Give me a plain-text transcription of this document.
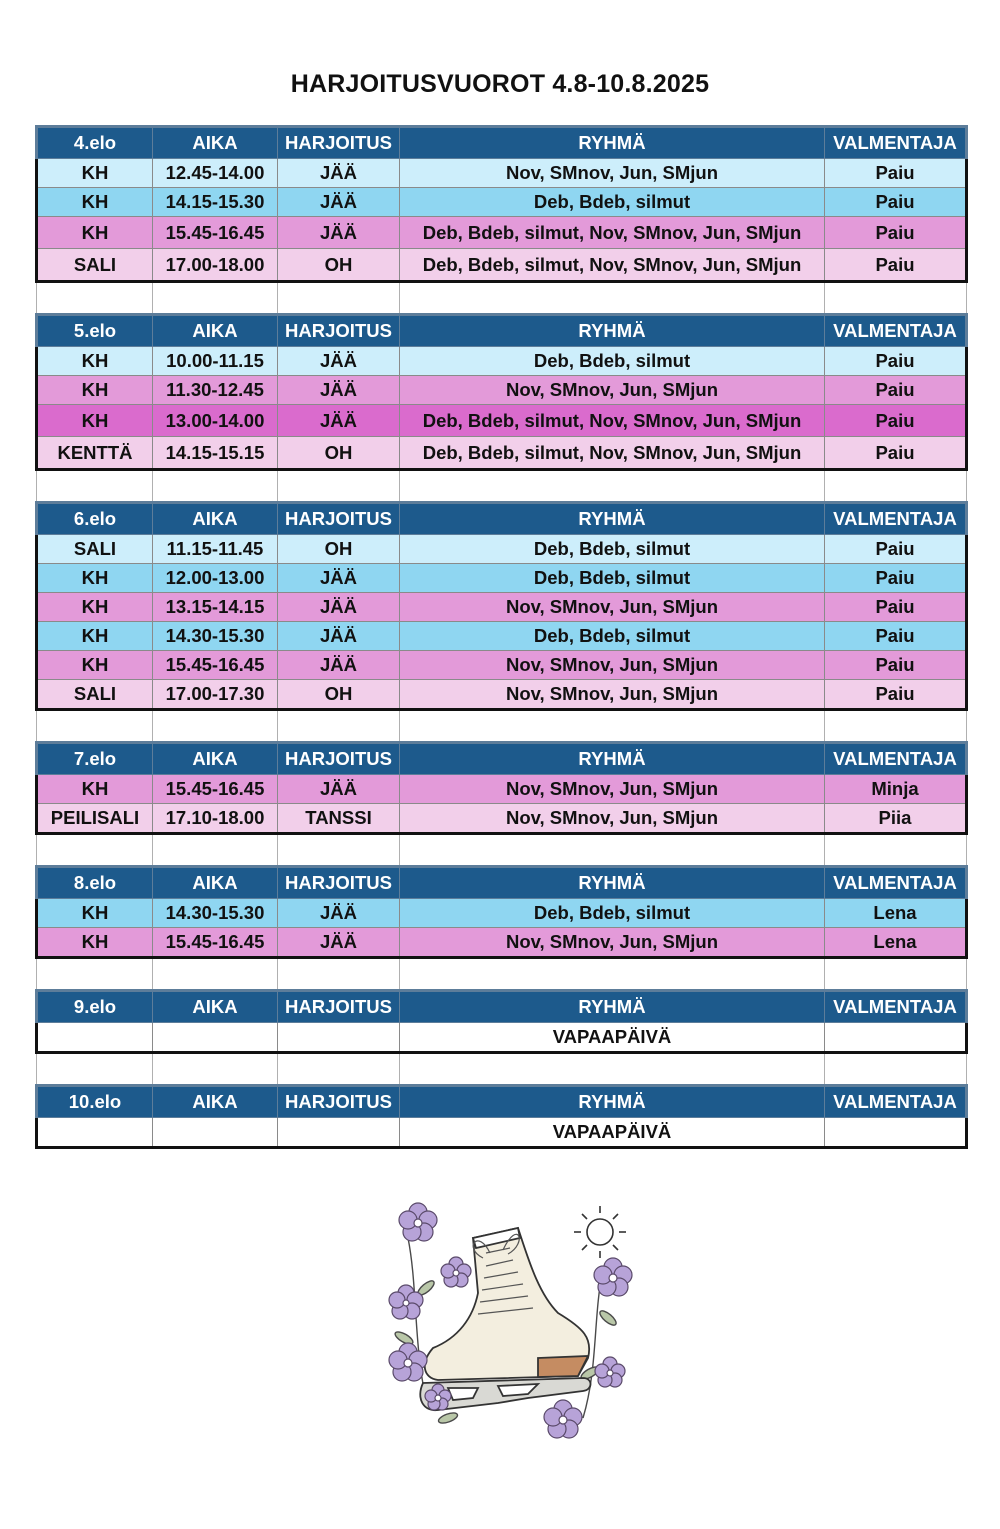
HARJOITUSVUOROT 4.8-10.8.2025
4.elo	AIKA	HARJOITUS	RYHMÄ	VALMENTAJA
KH	12.45-14.00	JÄÄ	Nov, SMnov, Jun, SMjun	Paiu
KH	14.15-15.30	JÄÄ	Deb, Bdeb, silmut	Paiu
KH	15.45-16.45	JÄÄ	Deb, Bdeb, silmut, Nov, SMnov, Jun, SMjun	Paiu
SALI	17.00-18.00	OH	Deb, Bdeb, silmut, Nov, SMnov, Jun, SMjun	Paiu

5.elo	AIKA	HARJOITUS	RYHMÄ	VALMENTAJA
KH	10.00-11.15	JÄÄ	Deb, Bdeb, silmut	Paiu
KH	11.30-12.45	JÄÄ	Nov, SMnov, Jun, SMjun	Paiu
KH	13.00-14.00	JÄÄ	Deb, Bdeb, silmut, Nov, SMnov, Jun, SMjun	Paiu
KENTTÄ	14.15-15.15	OH	Deb, Bdeb, silmut, Nov, SMnov, Jun, SMjun	Paiu

6.elo	AIKA	HARJOITUS	RYHMÄ	VALMENTAJA
SALI	11.15-11.45	OH	Deb, Bdeb, silmut	Paiu
KH	12.00-13.00	JÄÄ	Deb, Bdeb, silmut	Paiu
KH	13.15-14.15	JÄÄ	Nov, SMnov, Jun, SMjun	Paiu
KH	14.30-15.30	JÄÄ	Deb, Bdeb, silmut	Paiu
KH	15.45-16.45	JÄÄ	Nov, SMnov, Jun, SMjun	Paiu
SALI	17.00-17.30	OH	Nov, SMnov, Jun, SMjun	Paiu

7.elo	AIKA	HARJOITUS	RYHMÄ	VALMENTAJA
KH	15.45-16.45	JÄÄ	Nov, SMnov, Jun, SMjun	Minja
PEILISALI	17.10-18.00	TANSSI	Nov, SMnov, Jun, SMjun	Piia

8.elo	AIKA	HARJOITUS	RYHMÄ	VALMENTAJA
KH	14.30-15.30	JÄÄ	Deb, Bdeb, silmut	Lena
KH	15.45-16.45	JÄÄ	Nov, SMnov, Jun, SMjun	Lena

9.elo	AIKA	HARJOITUS	RYHMÄ	VALMENTAJA
			VAPAAPÄIVÄ	

10.elo	AIKA	HARJOITUS	RYHMÄ	VALMENTAJA
			VAPAAPÄIVÄ	
